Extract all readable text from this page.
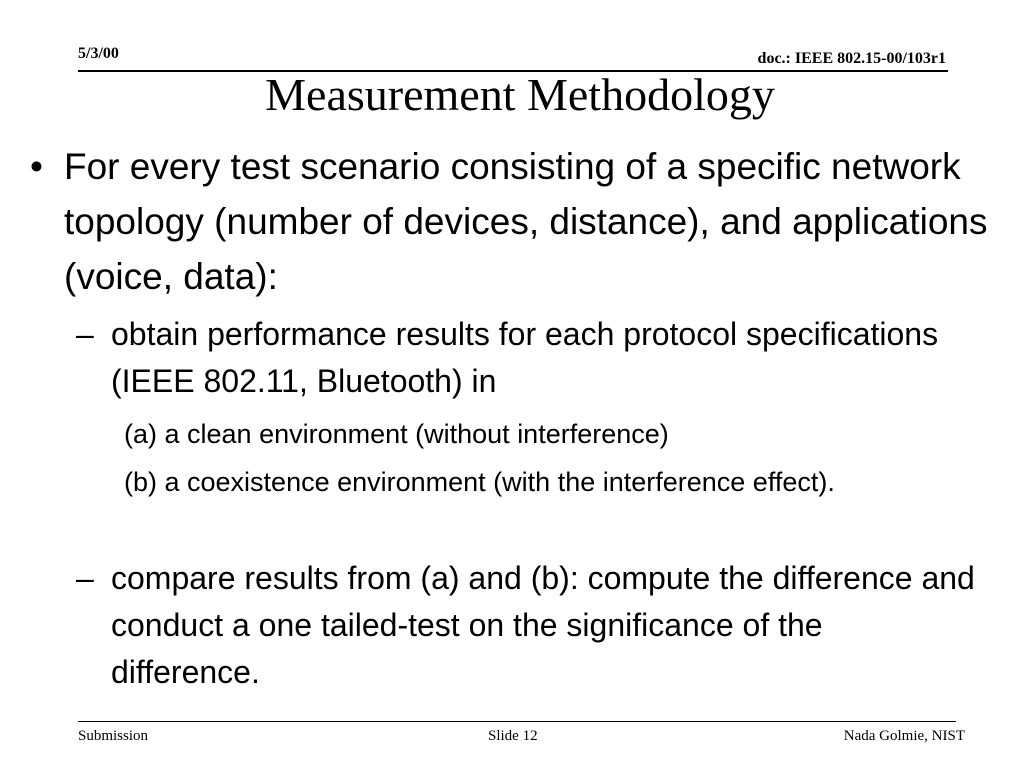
5/3/00	doc.: IEEE 802.15-00/103r1
Measurement Methodology
• For every test scenario consisting of a specific network topology (number of devices, distance), and applications (voice, data):
– obtain performance results for each protocol specifications (IEEE 802.11, Bluetooth) in
(a) a clean environment (without interference)
(b) a coexistence environment (with the interference effect).
– compare results from (a) and (b): compute the difference and conduct a one tailed-test on the significance of the difference.
Submission	Slide 12	Nada Golmie, NIST
